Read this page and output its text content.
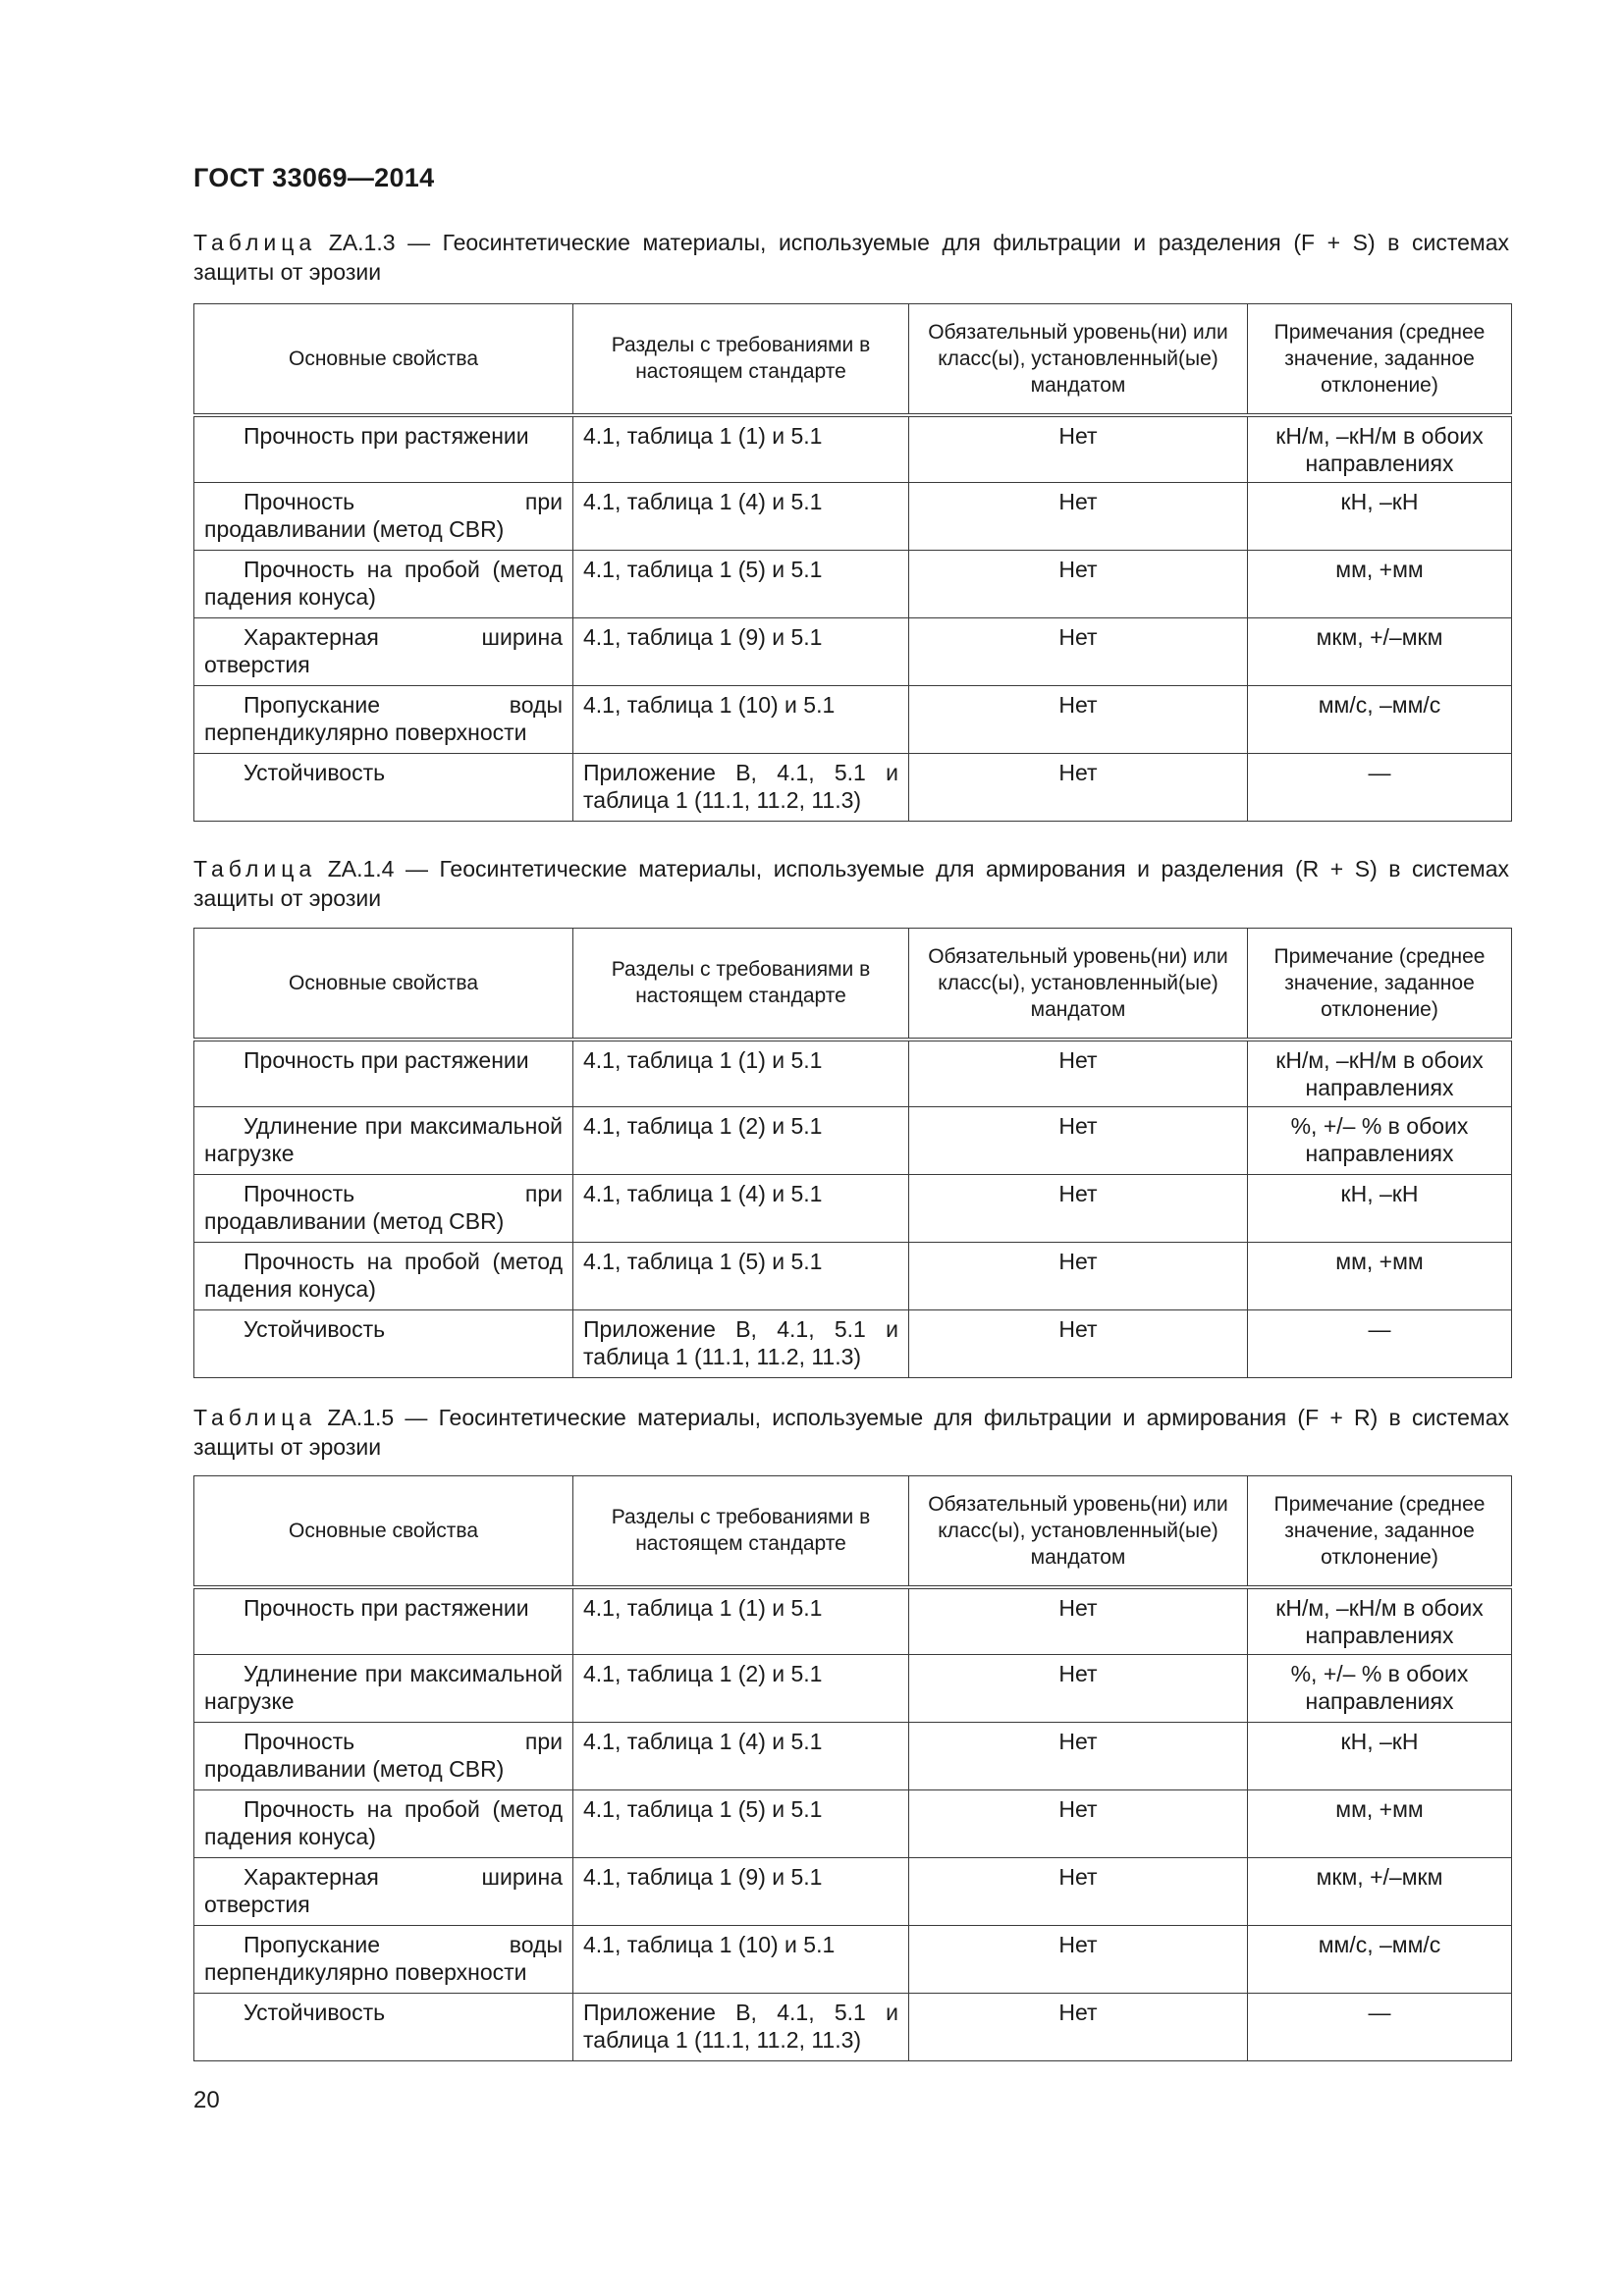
ГОСТ 33069—2014
Таблица ZA.1.3 — Геосинтетические материалы, используемые для фильтрации и разделения (F + S) в системах защиты от эрозии
Основные свойства	Разделы с требованиями в настоящем стандарте	Обязательный уровень(ни) или класс(ы), установленный(ые) мандатом	Примечания (среднее значение, заданное отклонение)
Прочность при растяжении	4.1, таблица 1 (1) и 5.1	Нет	кН/м, –кН/м в обоих направлениях
Прочность при продавливании (метод CBR)	4.1, таблица 1 (4) и 5.1	Нет	кН, –кН
Прочность на пробой (метод падения конуса)	4.1, таблица 1 (5) и 5.1	Нет	мм, +мм
Характерная ширина отверстия	4.1, таблица 1 (9) и 5.1	Нет	мкм, +/–мкм
Пропускание воды перпендикулярно поверхности	4.1, таблица 1 (10) и 5.1	Нет	мм/с, –мм/с
Устойчивость	Приложение В, 4.1, 5.1 и таблица 1 (11.1, 11.2, 11.3)	Нет	—
Таблица ZA.1.4 — Геосинтетические материалы, используемые для армирования и разделения (R + S) в системах защиты от эрозии
Основные свойства	Разделы с требованиями в настоящем стандарте	Обязательный уровень(ни) или класс(ы), установленный(ые) мандатом	Примечание (среднее значение, заданное отклонение)
Прочность при растяжении	4.1, таблица 1 (1) и 5.1	Нет	кН/м, –кН/м в обоих направлениях
Удлинение при максимальной нагрузке	4.1, таблица 1 (2) и 5.1	Нет	%, +/– % в обоих направлениях
Прочность при продавливании (метод CBR)	4.1, таблица 1 (4) и 5.1	Нет	кН, –кН
Прочность на пробой (метод падения конуса)	4.1, таблица 1 (5) и 5.1	Нет	мм, +мм
Устойчивость	Приложение В, 4.1, 5.1 и таблица 1 (11.1, 11.2, 11.3)	Нет	—
Таблица ZA.1.5 — Геосинтетические материалы, используемые для фильтрации и армирования (F + R) в системах защиты от эрозии
Основные свойства	Разделы с требованиями в настоящем стандарте	Обязательный уровень(ни) или класс(ы), установленный(ые) мандатом	Примечание (среднее значение, заданное отклонение)
Прочность при растяжении	4.1, таблица 1 (1) и 5.1	Нет	кН/м, –кН/м в обоих направлениях
Удлинение при максимальной нагрузке	4.1, таблица 1 (2) и 5.1	Нет	%, +/– % в обоих направлениях
Прочность при продавливании (метод CBR)	4.1, таблица 1 (4) и 5.1	Нет	кН, –кН
Прочность на пробой (метод падения конуса)	4.1, таблица 1 (5) и 5.1	Нет	мм, +мм
Характерная ширина отверстия	4.1, таблица 1 (9) и 5.1	Нет	мкм, +/–мкм
Пропускание воды перпендикулярно поверхности	4.1, таблица 1 (10) и 5.1	Нет	мм/с, –мм/с
Устойчивость	Приложение В, 4.1, 5.1 и таблица 1 (11.1, 11.2, 11.3)	Нет	—
20
